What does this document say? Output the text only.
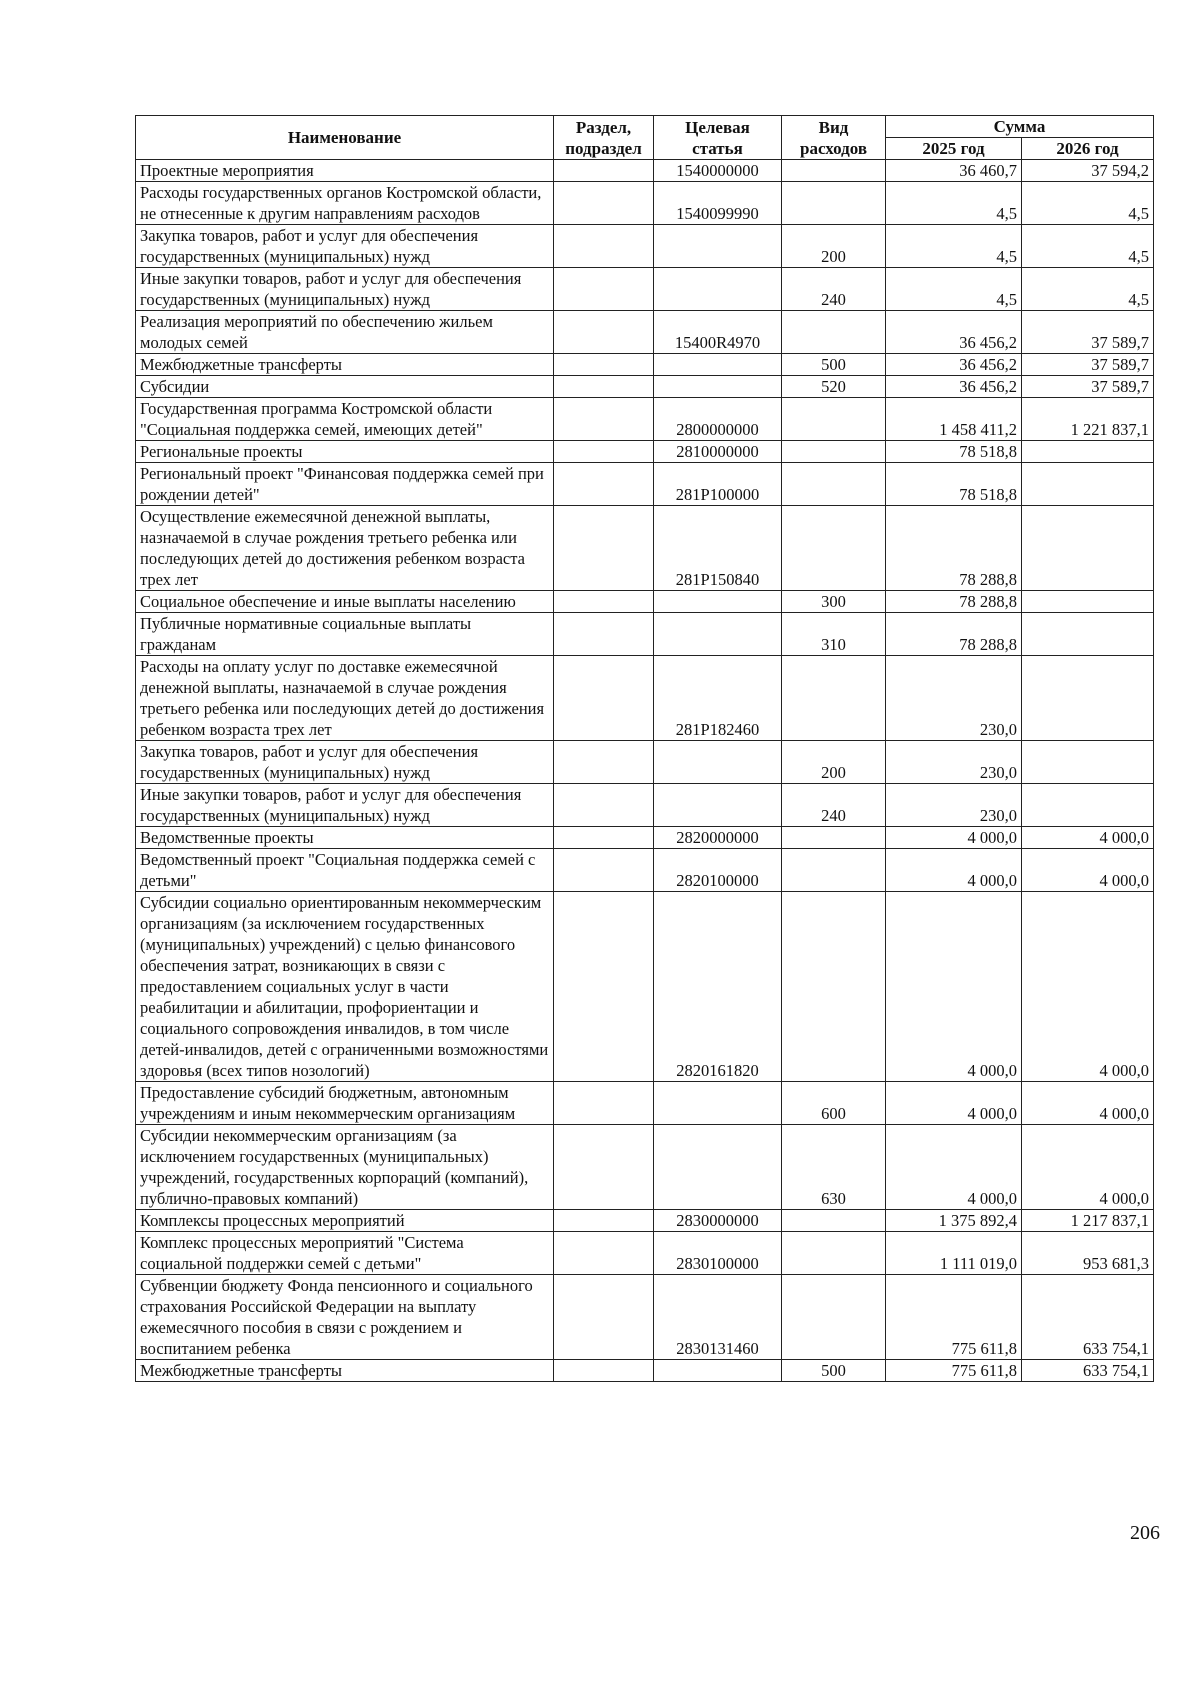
Наименование	Раздел, подраздел	Целевая статья	Вид расходов	Сумма	
				2025 год	2026 год
Проектные мероприятия		1540000000		36 460,7	37 594,2
Расходы государственных органов Костромской области, не отнесенные к другим направлениям расходов		1540099990		4,5	4,5
Закупка товаров, работ и услуг для обеспечения государственных (муниципальных) нужд			200	4,5	4,5
Иные закупки товаров, работ и услуг для обеспечения государственных (муниципальных) нужд			240	4,5	4,5
Реализация мероприятий по обеспечению жильем молодых семей		15400R4970		36 456,2	37 589,7
Межбюджетные трансферты			500	36 456,2	37 589,7
Субсидии			520	36 456,2	37 589,7
Государственная программа Костромской области "Социальная поддержка семей, имеющих детей"		2800000000		1 458 411,2	1 221 837,1
Региональные проекты		2810000000		78 518,8	
Региональный проект "Финансовая поддержка семей при рождении детей"		281P100000		78 518,8	
Осуществление ежемесячной денежной выплаты, назначаемой в случае рождения третьего ребенка или последующих детей до достижения ребенком возраста трех лет		281P150840		78 288,8	
Социальное обеспечение и иные выплаты населению			300	78 288,8	
Публичные нормативные социальные выплаты гражданам			310	78 288,8	
Расходы на оплату услуг по доставке ежемесячной денежной выплаты, назначаемой в случае рождения третьего ребенка или последующих детей до достижения ребенком возраста трех лет		281P182460		230,0	
Закупка товаров, работ и услуг для обеспечения государственных (муниципальных) нужд			200	230,0	
Иные закупки товаров, работ и услуг для обеспечения государственных (муниципальных) нужд			240	230,0	
Ведомственные проекты		2820000000		4 000,0	4 000,0
Ведомственный проект "Социальная поддержка семей с детьми"		2820100000		4 000,0	4 000,0
Субсидии социально ориентированным некоммерческим организациям (за исключением государственных (муниципальных) учреждений) с целью финансового обеспечения затрат, возникающих в связи с предоставлением социальных услуг в части реабилитации и абилитации, профориентации и социального сопровождения инвалидов, в том числе детей-инвалидов, детей с ограниченными возможностями здоровья (всех типов нозологий)		2820161820		4 000,0	4 000,0
Предоставление субсидий бюджетным, автономным учреждениям и иным некоммерческим организациям			600	4 000,0	4 000,0
Субсидии некоммерческим организациям (за исключением государственных (муниципальных) учреждений, государственных корпораций (компаний), публично-правовых компаний)			630	4 000,0	4 000,0
Комплексы процессных мероприятий		2830000000		1 375 892,4	1 217 837,1
Комплекс процессных мероприятий "Система социальной поддержки семей с детьми"		2830100000		1 111 019,0	953 681,3
Субвенции бюджету Фонда пенсионного и социального страхования Российской Федерации на выплату ежемесячного пособия в связи с рождением и воспитанием ребенка		2830131460		775 611,8	633 754,1
Межбюджетные трансферты			500	775 611,8	633 754,1
206
